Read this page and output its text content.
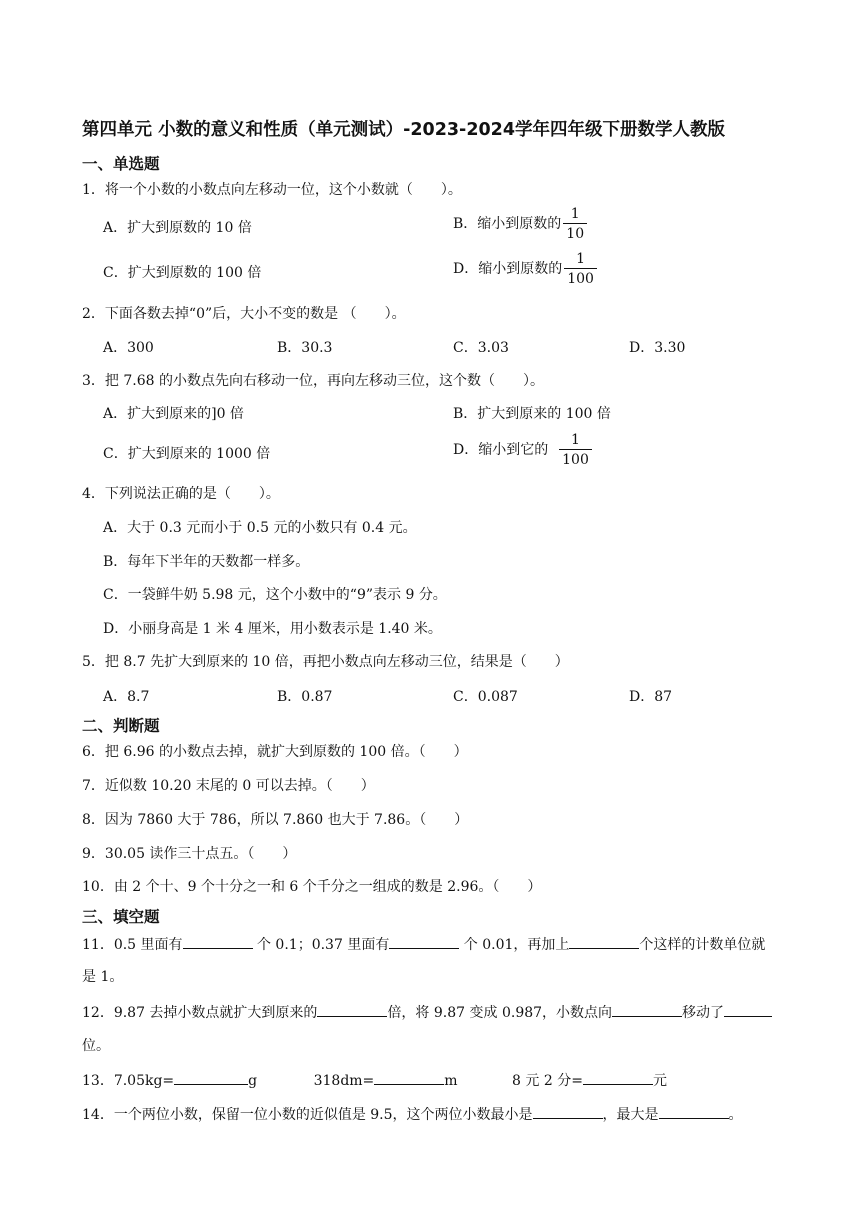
第四单元 小数的意义和性质（单元测试）-2023-2024学年四年级下册数学人教版
一、单选题
1．将一个小数的小数点向左移动一位，这个小数就（　　）。
A．扩大到原数的 10 倍	B．缩小到原数的 $\frac{1}{10}$
C．扩大到原数的 100 倍	D．缩小到原数的 $\frac{1}{100}$
2．下面各数去掉“0”后，大小不变的数是 （　　）。
A．300	B．30.3	C．3.03	D．3.30
3．把 7.68 的小数点先向右移动一位，再向左移动三位，这个数（　　）。
A．扩大到原来的]0 倍	B．扩大到原来的 100 倍
C．扩大到原来的 1000 倍	D．缩小到它的 $\frac{1}{100}$
4．下列说法正确的是（　　）。
A．大于 0.3 元而小于 0.5 元的小数只有 0.4 元。
B．每年下半年的天数都一样多。
C．一袋鲜牛奶 5.98 元，这个小数中的“9”表示 9 分。
D．小丽身高是 1 米 4 厘米，用小数表示是 1.40 米。
5．把 8.7 先扩大到原来的 10 倍，再把小数点向左移动三位，结果是（　　）
A．8.7	B．0.87	C．0.087	D．87
二、判断题
6．把 6.96 的小数点去掉，就扩大到原数的 100 倍。（　　）
7．近似数 10.20 末尾的 0 可以去掉。（　　）
8．因为 7860 大于 786，所以 7.860 也大于 7.86。（　　）
9．30.05 读作三十点五。（　　）
10．由 2 个十、9 个十分之一和 6 个千分之一组成的数是 2.96。（　　）
三、填空题
11．0.5 里面有	个 0.1；0.37 里面有	个 0.01，再加上	个这样的计数单位就
是 1。
12．9.87 去掉小数点就扩大到原来的	倍，将 9.87 变成 0.987，小数点向	移动了
位。
13．7.05kg=	g	318dm=	m	8 元 2 分=	元
14．一个两位小数，保留一位小数的近似值是 9.5，这个两位小数最小是	，最大是	。
